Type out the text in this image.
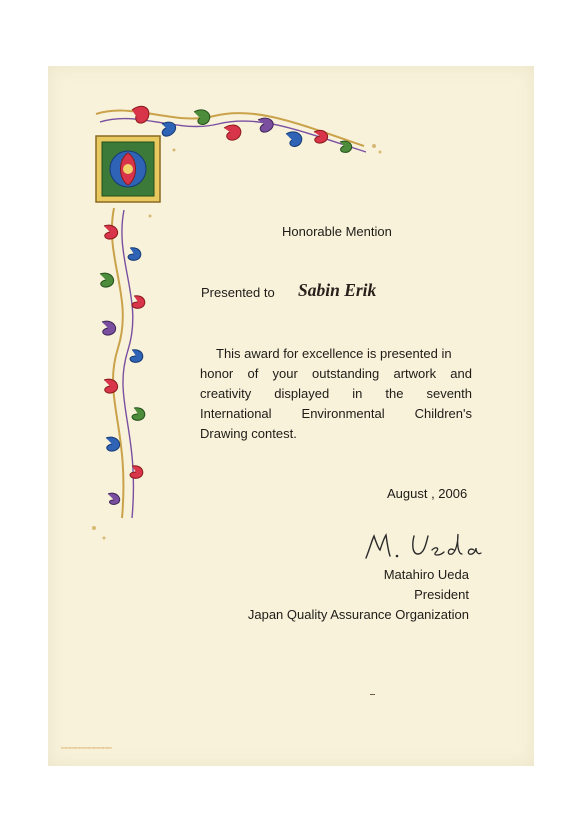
Honorable Mention
Presented to Sabin Erik
This award for excellence is presented in
honor of your outstanding artwork and
creativity displayed in the seventh
International Environmental Children's
Drawing contest.
August , 2006
Matahiro Ueda
President
Japan Quality Assurance Organization
▪▪▪▪▪▪▪▪▪▪▪▪▪▪▪▪▪▪▪▪▪▪▪▪▪▪▪▪▪▪▪▪▪▪▪▪▪▪▪▪
